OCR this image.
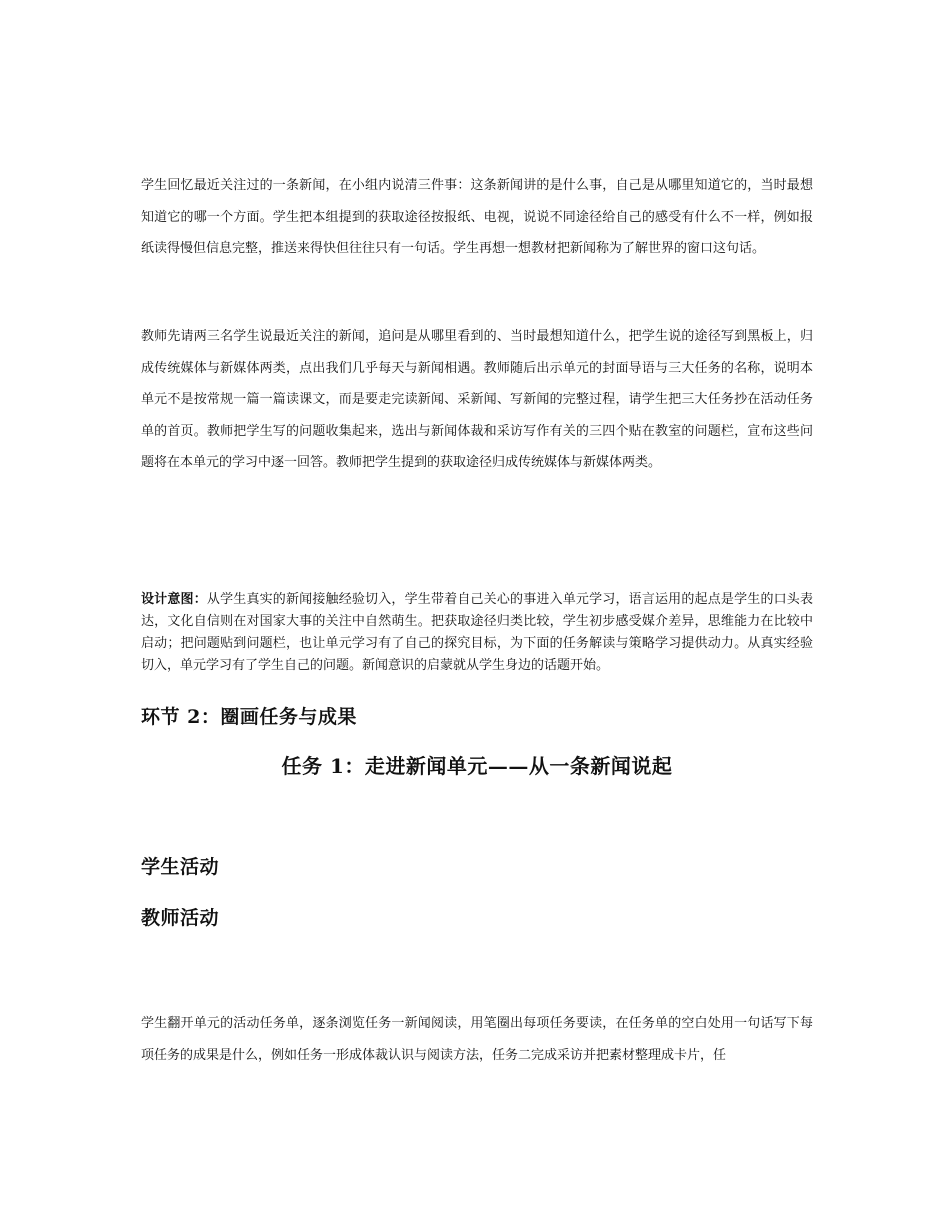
学生回忆最近关注过的一条新闻，在小组内说清三件事：这条新闻讲的是什么事，自己是从哪里知道它的，当时最想知道它的哪一个方面。学生把本组提到的获取途径按报纸、电视，说说不同途径给自己的感受有什么不一样，例如报纸读得慢但信息完整，推送来得快但往往只有一句话。学生再想一想教材把新闻称为了解世界的窗口这句话。

教师先请两三名学生说最近关注的新闻，追问是从哪里看到的、当时最想知道什么，把学生说的途径写到黑板上，归成传统媒体与新媒体两类，点出我们几乎每天与新闻相遇。教师随后出示单元的封面导语与三大任务的名称，说明本单元不是按常规一篇一篇读课文，而是要走完读新闻、采新闻、写新闻的完整过程，请学生把三大任务抄在活动任务单的首页。教师把学生写的问题收集起来，选出与新闻体裁和采访写作有关的三四个贴在教室的问题栏，宣布这些问题将在本单元的学习中逐一回答。教师把学生提到的获取途径归成传统媒体与新媒体两类。

设计意图：从学生真实的新闻接触经验切入，学生带着自己关心的事进入单元学习，语言运用的起点是学生的口头表达，文化自信则在对国家大事的关注中自然萌生。把获取途径归类比较，学生初步感受媒介差异，思维能力在比较中启动；把问题贴到问题栏，也让单元学习有了自己的探究目标，为下面的任务解读与策略学习提供动力。从真实经验切入，单元学习有了学生自己的问题。新闻意识的启蒙就从学生身边的话题开始。

环节 2：圈画任务与成果
任务 1：走进新闻单元——从一条新闻说起
学生活动
教师活动

学生翻开单元的活动任务单，逐条浏览任务一新闻阅读，用笔圈出每项任务要读，在任务单的空白处用一句话写下每项任务的成果是什么，例如任务一形成体裁认识与阅读方法，任务二完成采访并把素材整理成卡片，任
